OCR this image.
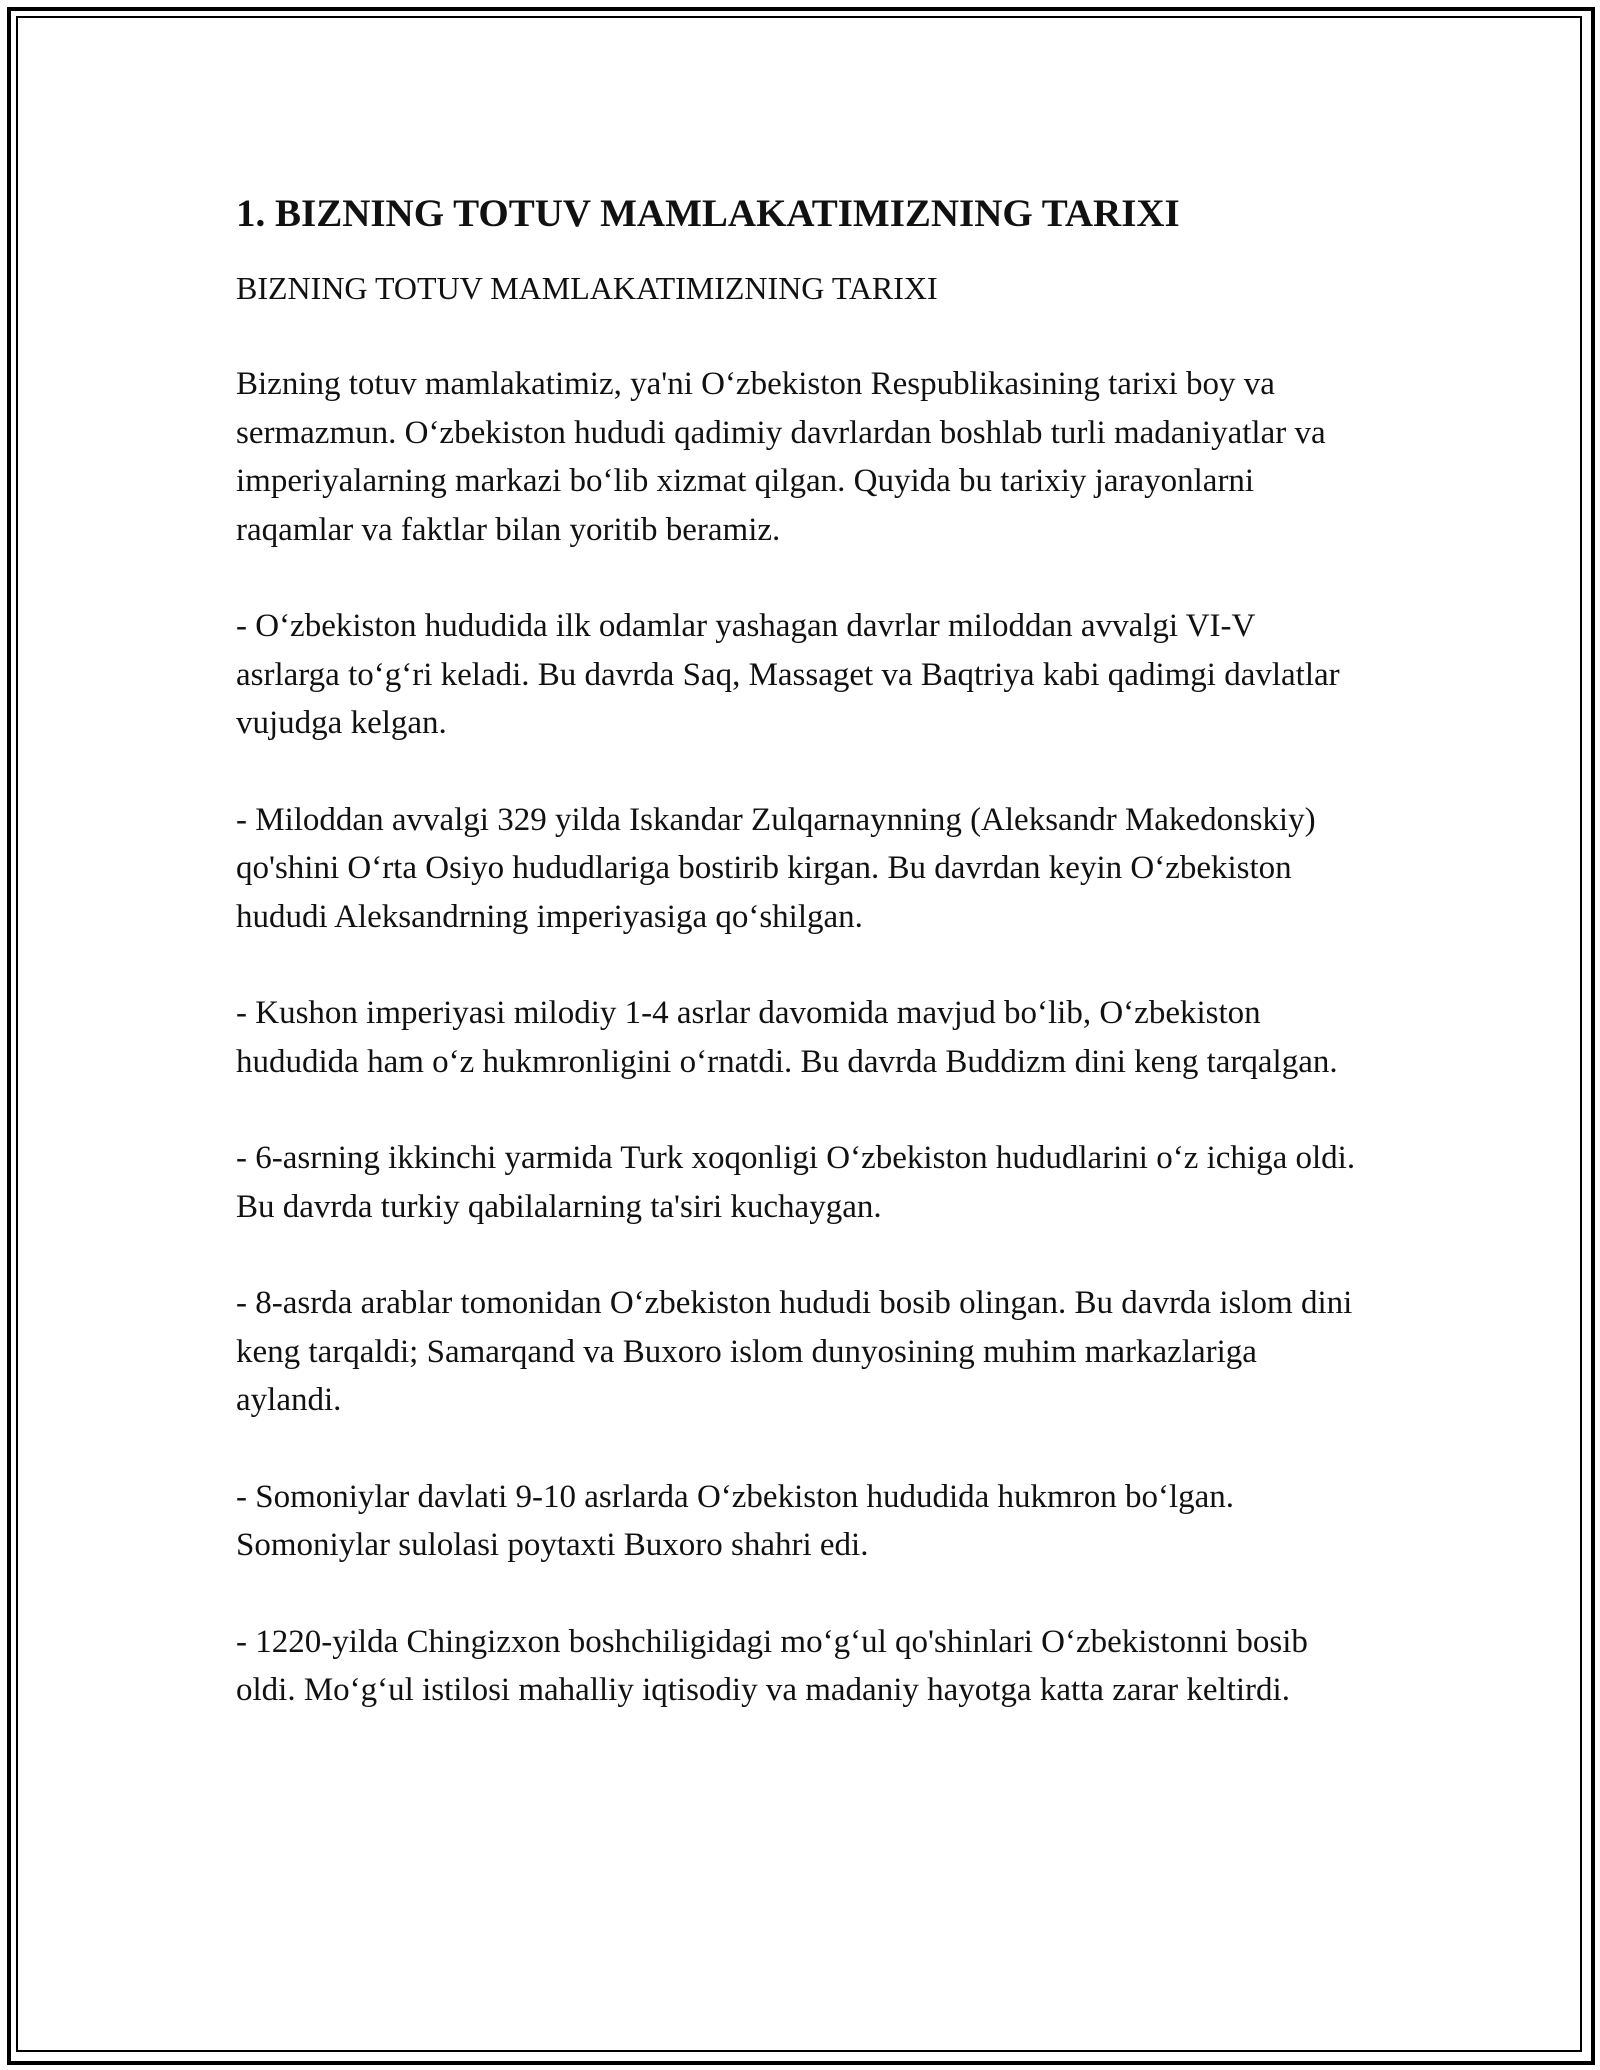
1. BIZNING TOTUV MAMLAKATIMIZNING TARIXI

BIZNING TOTUV MAMLAKATIMIZNING TARIXI

Bizning totuv mamlakatimiz, ya'ni O‘zbekiston Respublikasining tarixi boy va sermazmun. O‘zbekiston hududi qadimiy davrlardan boshlab turli madaniyatlar va imperiyalarning markazi bo‘lib xizmat qilgan. Quyida bu tarixiy jarayonlarni raqamlar va faktlar bilan yoritib beramiz.

- O‘zbekiston hududida ilk odamlar yashagan davrlar miloddan avvalgi VI-V asrlarga to‘g‘ri keladi. Bu davrda Saq, Massaget va Baqtriya kabi qadimgi davlatlar vujudga kelgan.

- Miloddan avvalgi 329 yilda Iskandar Zulqarnaynning (Aleksandr Makedonskiy) qo'shini O‘rta Osiyo hududlariga bostirib kirgan. Bu davrdan keyin O‘zbekiston hududi Aleksandrning imperiyasiga qo‘shilgan.

- Kushon imperiyasi milodiy 1-4 asrlar davomida mavjud bo‘lib, O‘zbekiston hududida ham o‘z hukmronligini o‘rnatdi. Bu davrda Buddizm dini keng tarqalgan.

- 6-asrning ikkinchi yarmida Turk xoqonligi O‘zbekiston hududlarini o‘z ichiga oldi. Bu davrda turkiy qabilalarning ta'siri kuchaygan.

- 8-asrda arablar tomonidan O‘zbekiston hududi bosib olingan. Bu davrda islom dini keng tarqaldi; Samarqand va Buxoro islom dunyosining muhim markazlariga aylandi.

- Somoniylar davlati 9-10 asrlarda O‘zbekiston hududida hukmron bo‘lgan. Somoniylar sulolasi poytaxti Buxoro shahri edi.

- 1220-yilda Chingizxon boshchiligidagi mo‘g‘ul qo'shinlari O‘zbekistonni bosib oldi. Mo‘g‘ul istilosi mahalliy iqtisodiy va madaniy hayotga katta zarar keltirdi.
